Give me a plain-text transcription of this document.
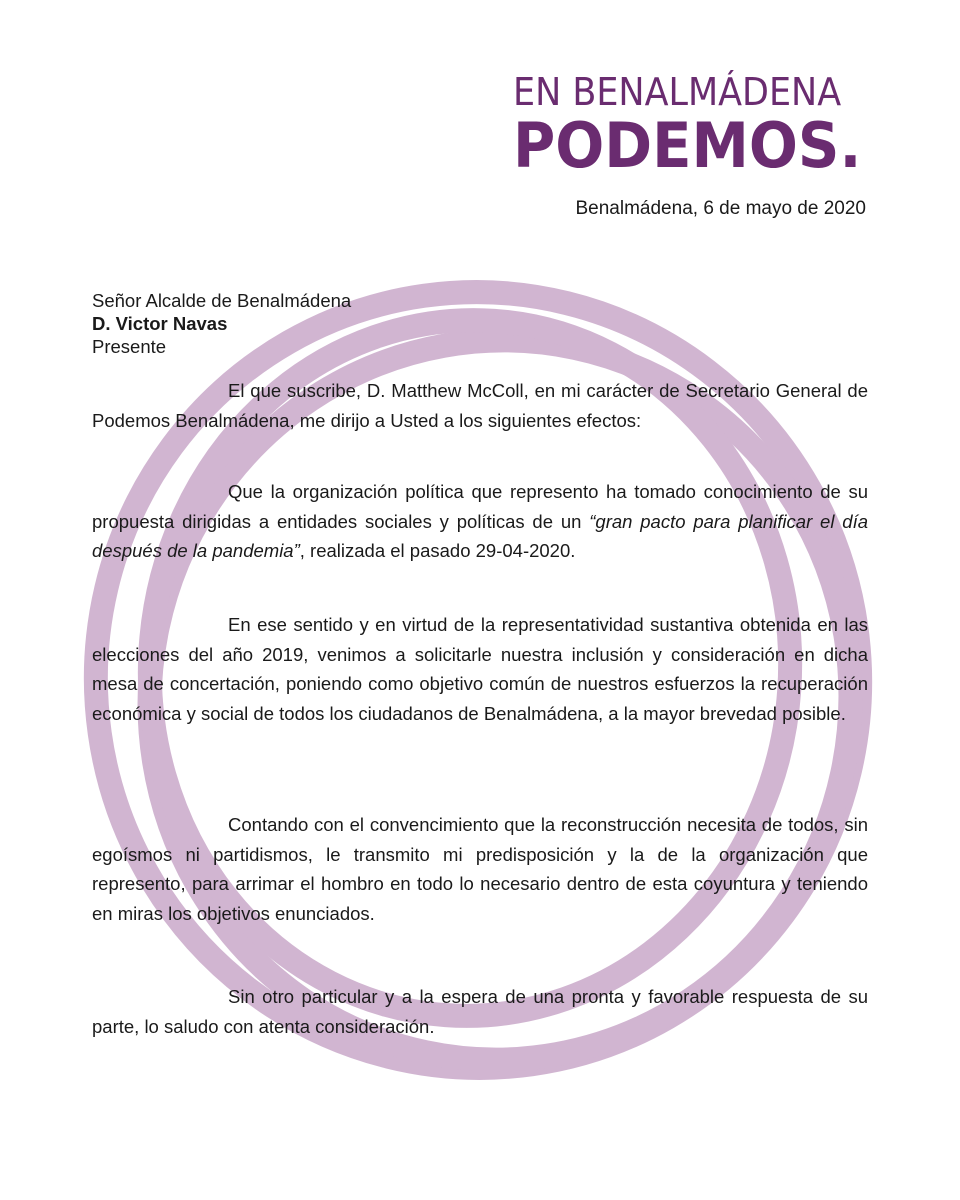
EN BENALMÁDENA
PODEMOS.
Benalmádena, 6 de mayo de 2020
Señor Alcalde de Benalmádena
D. Victor Navas
Presente
El que suscribe, D. Matthew McColl, en mi carácter de Secretario General de Podemos Benalmádena, me dirijo a Usted a los siguientes efectos:
Que la organización política que represento ha tomado conocimiento de su propuesta dirigidas a entidades sociales y políticas de un “gran pacto para planificar el día después de la pandemia”, realizada el pasado 29-04-2020.
En ese sentido y en virtud de la representatividad sustantiva obtenida en las elecciones del año 2019, venimos a solicitarle nuestra inclusión y consideración en dicha mesa de concertación, poniendo como objetivo común de nuestros esfuerzos la recuperación económica y social de todos los ciudadanos de Benalmádena, a la mayor brevedad posible.
Contando con el convencimiento que la reconstrucción necesita de todos, sin egoísmos ni partidismos, le transmito mi predisposición y la de la organización que represento, para arrimar el hombro en todo lo necesario dentro de esta coyuntura y teniendo en miras los objetivos enunciados.
Sin otro particular y a la espera de una pronta y favorable respuesta de su parte, lo saludo con atenta consideración.
